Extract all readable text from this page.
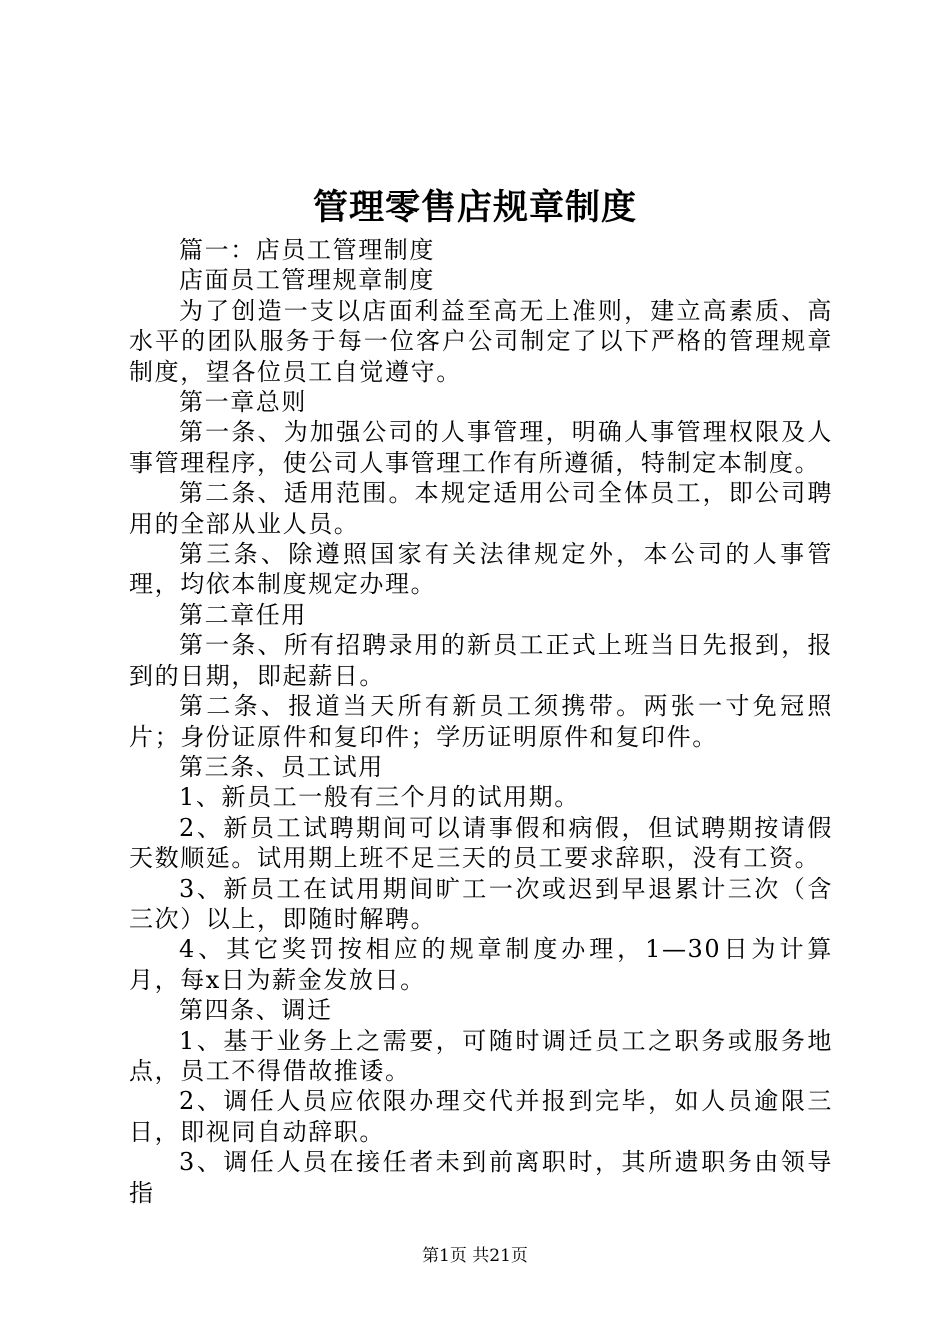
管理零售店规章制度

篇一：店员工管理制度

店面员工管理规章制度

为了创造一支以店面利益至高无上准则，建立高素质、高水平的团队服务于每一位客户公司制定了以下严格的管理规章制度，望各位员工自觉遵守。

第一章总则

第一条、为加强公司的人事管理，明确人事管理权限及人事管理程序，使公司人事管理工作有所遵循，特制定本制度。

第二条、适用范围。本规定适用公司全体员工，即公司聘用的全部从业人员。

第三条、除遵照国家有关法律规定外，本公司的人事管理，均依本制度规定办理。

第二章任用

第一条、所有招聘录用的新员工正式上班当日先报到，报到的日期，即起薪日。

第二条、报道当天所有新员工须携带。两张一寸免冠照片；身份证原件和复印件；学历证明原件和复印件。

第三条、员工试用

1、新员工一般有三个月的试用期。

2、新员工试聘期间可以请事假和病假，但试聘期按请假天数顺延。试用期上班不足三天的员工要求辞职，没有工资。

3、新员工在试用期间旷工一次或迟到早退累计三次（含三次）以上，即随时解聘。

4、其它奖罚按相应的规章制度办理，1—30日为计算月，每x日为薪金发放日。

第四条、调迁

1、基于业务上之需要，可随时调迁员工之职务或服务地点，员工不得借故推诿。

2、调任人员应依限办理交代并报到完毕，如人员逾限三日，即视同自动辞职。

3、调任人员在接任者未到前离职时，其所遗职务由领导指

第1页 共21页
